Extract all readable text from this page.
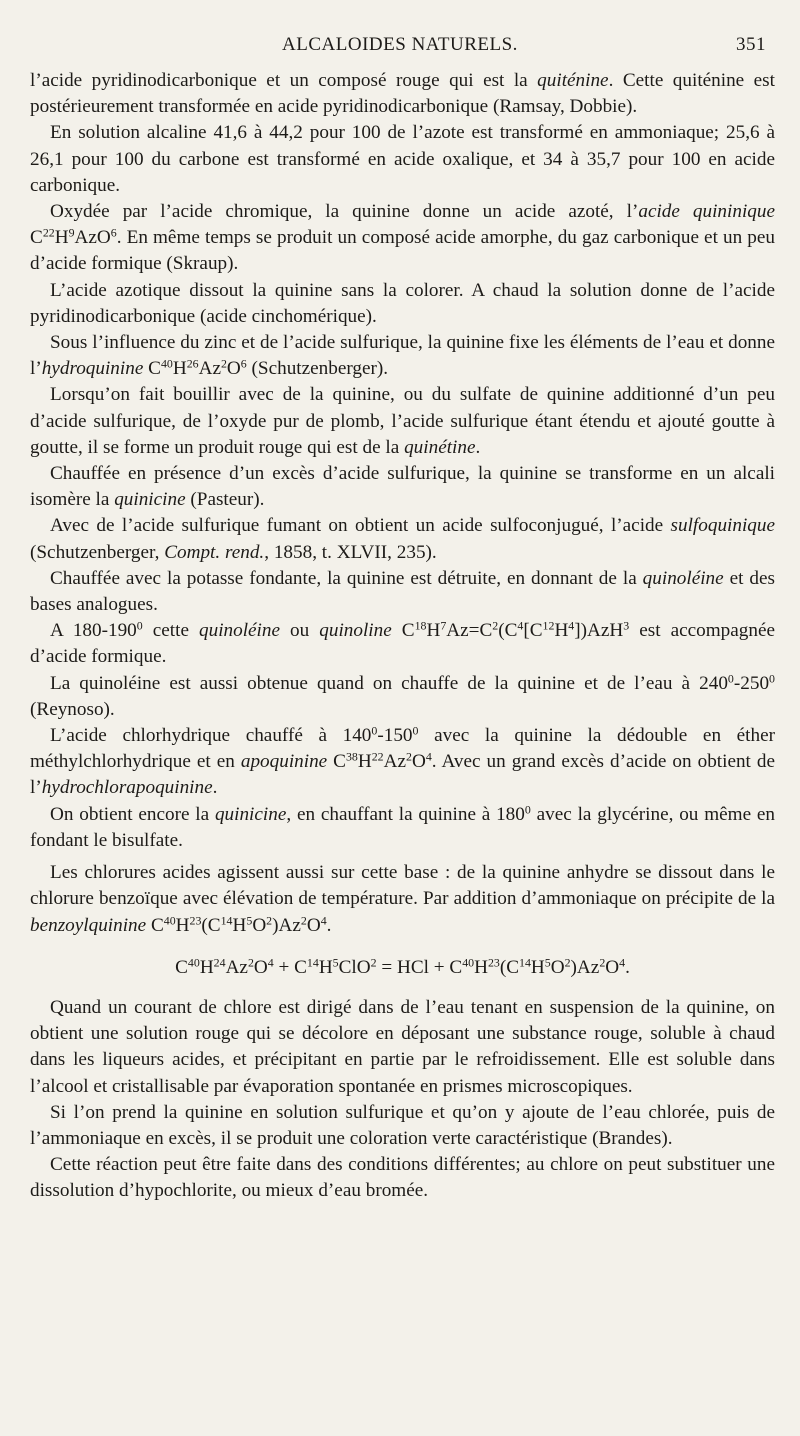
ALCALOIDES NATURELS.	351

l’acide pyridinodicarbonique et un composé rouge qui est la quiténine. Cette quiténine est postérieurement transformée en acide pyridinodicarbonique (Ramsay, Dobbie).

En solution alcaline 41,6 à 44,2 pour 100 de l’azote est transformé en ammoniaque; 25,6 à 26,1 pour 100 du carbone est transformé en acide oxalique, et 34 à 35,7 pour 100 en acide carbonique.

Oxydée par l’acide chromique, la quinine donne un acide azoté, l’acide quininique $C^{22}H^9AzO^6$. En même temps se produit un composé acide amorphe, du gaz carbonique et un peu d’acide formique (Skraup).

L’acide azotique dissout la quinine sans la colorer. A chaud la solution donne de l’acide pyridinodicarbonique (acide cinchomérique).

Sous l’influence du zinc et de l’acide sulfurique, la quinine fixe les éléments de l’eau et donne l’hydroquinine $C^{40}H^{26}Az^2O^6$ (Schutzenberger).

Lorsqu’on fait bouillir avec de la quinine, ou du sulfate de quinine additionné d’un peu d’acide sulfurique, de l’oxyde pur de plomb, l’acide sulfurique étant étendu et ajouté goutte à goutte, il se forme un produit rouge qui est de la quinétine.

Chauffée en présence d’un excès d’acide sulfurique, la quinine se transforme en un alcali isomère la quinicine (Pasteur).

Avec de l’acide sulfurique fumant on obtient un acide sulfoconjugué, l’acide sulfoquinique (Schutzenberger, Compt. rend., 1858, t. XLVII, 235).

Chauffée avec la potasse fondante, la quinine est détruite, en donnant de la quinoléine et des bases analogues.

A $180-190^0$ cette quinoléine ou quinoline $C^{18}H^7Az=C^2(C^4[C^{12}H^4])AzH^3$ est accompagnée d’acide formique.

La quinoléine est aussi obtenue quand on chauffe de la quinine et de l’eau à $240^0-250^0$ (Reynoso).

L’acide chlorhydrique chauffé à $140^0-150^0$ avec la quinine la dédouble en éther méthylchlorhydrique et en apoquinine $C^{38}H^{22}Az^2O^4$. Avec un grand excès d’acide on obtient de l’hydrochlorapoquinine.

On obtient encore la quinicine, en chauffant la quinine à $180^0$ avec la glycérine, ou même en fondant le bisulfate.

Les chlorures acides agissent aussi sur cette base : de la quinine anhydre se dissout dans le chlorure benzoïque avec élévation de température. Par addition d’ammoniaque on précipite de la benzoylquinine $C^{40}H^{23}(C^{14}H^5O^2)Az^2O^4$.

$C^{40}H^{24}Az^2O^4 + C^{14}H^5ClO^2$ = HCl + $C^{40}H^{23}(C^{14}H^5O^2)Az^2O^4$.

Quand un courant de chlore est dirigé dans de l’eau tenant en suspension de la quinine, on obtient une solution rouge qui se décolore en déposant une substance rouge, soluble à chaud dans les liqueurs acides, et précipitant en partie par le refroidissement. Elle est soluble dans l’alcool et cristallisable par évaporation spontanée en prismes microscopiques.

Si l’on prend la quinine en solution sulfurique et qu’on y ajoute de l’eau chlorée, puis de l’ammoniaque en excès, il se produit une coloration verte caractéristique (Brandes).

Cette réaction peut être faite dans des conditions différentes; au chlore on peut substituer une dissolution d’hypochlorite, ou mieux d’eau bromée.
